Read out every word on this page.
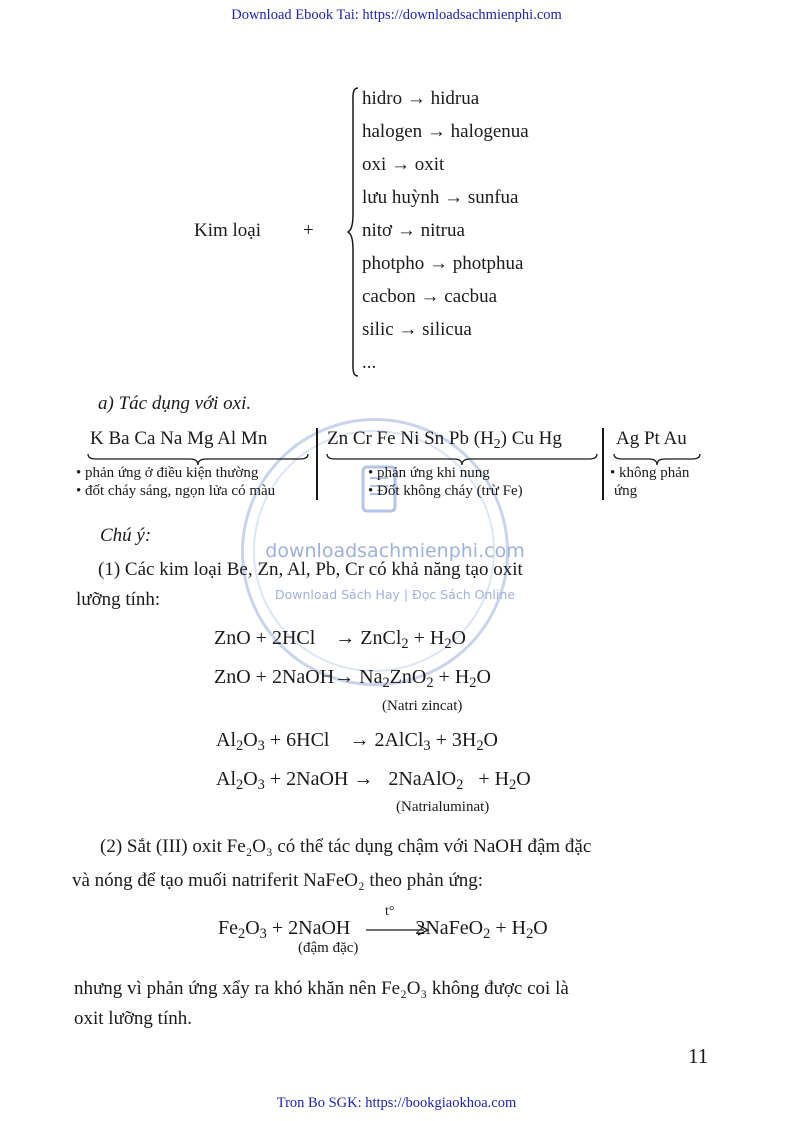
Download Ebook Tai: https://downloadsachmienphi.com
downloadsachmienphi.com
Download Sách Hay | Đọc Sách Online
Kim loại +
hidro → hidrua
halogen → halogenua
oxi → oxit
lưu huỳnh → sunfua
nitơ → nitrua
photpho → photphua
cacbon → cacbua
silic → silicua
...
a) Tác dụng với oxi.
K Ba Ca Na Mg Al Mn	Zn Cr Fe Ni Sn Pb $(H_2)$ Cu Hg	Ag Pt Au
• phản ứng ở điều kiện thường
• đốt cháy sáng, ngọn lửa có màu
• phản ứng khi nung
• Đốt không cháy (trừ Fe)
• không phản
ứng
Chú ý:
(1) Các kim loại Be, Zn, Al, Pb, Cr có khả năng tạo oxit
lưỡng tính:
ZnO + 2HCl    → ZnCl$_2$ + $H_2O$
ZnO + 2NaOH→ $Na_2ZnO_2 + H_2O$
(Natri zincat)
$Al_2O_3 + 6HCl$    → 2AlCl$_3$ + $3H_2O$
$Al_2O_3$ + 2NaOH →   2NaAlO$_2$   + $H_2O$
(Natrialuminat)
(2) Sắt (III) oxit Fe₂O₃ có thể tác dụng chậm với NaOH đậm đặc
và nóng để tạo muối natriferit NaFeO₂ theo phản ứng:
$Fe_2O_3$ + 2NaOH	2NaFeO$_2$ + $H_2O$
t°
(đậm đặc)
nhưng vì phản ứng xẩy ra khó khăn nên Fe₂O₃ không được coi là
oxit lưỡng tính.
11
Tron Bo SGK: https://bookgiaokhoa.com
